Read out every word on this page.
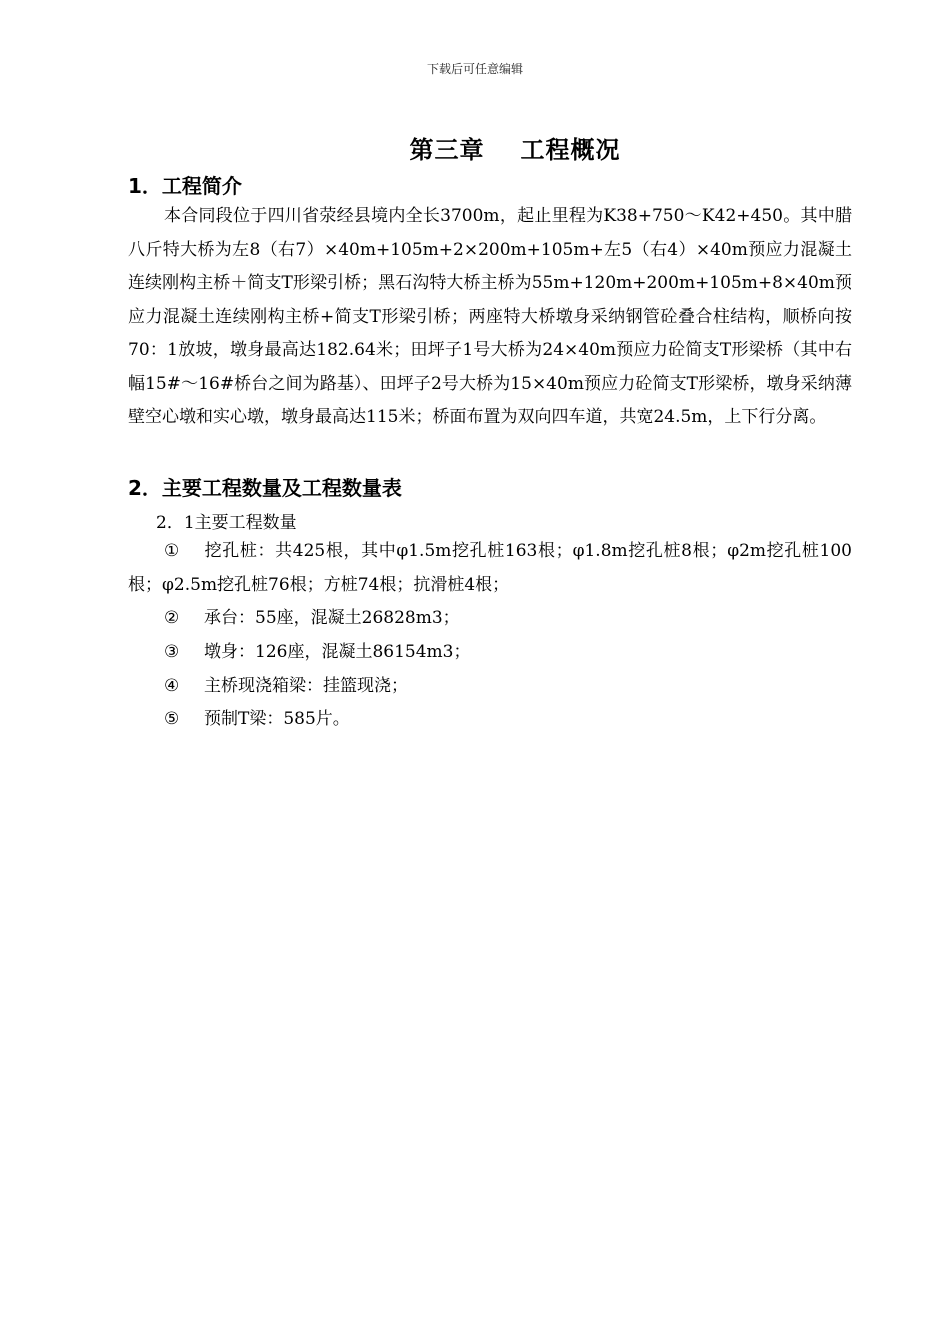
下载后可任意编辑
第三章 工程概况
1．工程简介
本合同段位于四川省荥经县境内全长3700m，起止里程为K38+750～K42+450。其中腊八斤特大桥为左8（右7）×40m+105m+2×200m+105m+左5（右4）×40m预应力混凝土连续刚构主桥＋简支T形梁引桥；黑石沟特大桥主桥为55m+120m+200m+105m+8×40m预应力混凝土连续刚构主桥+简支T形梁引桥；两座特大桥墩身采纳钢管砼叠合柱结构，顺桥向按70：1放坡，墩身最高达182.64米；田坪子1号大桥为24×40m预应力砼简支T形梁桥（其中右幅15#～16#桥台之间为路基）、田坪子2号大桥为15×40m预应力砼简支T形梁桥，墩身采纳薄壁空心墩和实心墩，墩身最高达115米；桥面布置为双向四车道，共宽24.5m，上下行分离。
2．主要工程数量及工程数量表
2．1主要工程数量
① 挖孔桩：共425根，其中φ1.5m挖孔桩163根；φ1.8m挖孔桩8根；φ2m挖孔桩100根；φ2.5m挖孔桩76根；方桩74根；抗滑桩4根；
② 承台：55座，混凝土26828m3；
③ 墩身：126座，混凝土86154m3；
④ 主桥现浇箱梁：挂篮现浇；
⑤ 预制T梁：585片。
